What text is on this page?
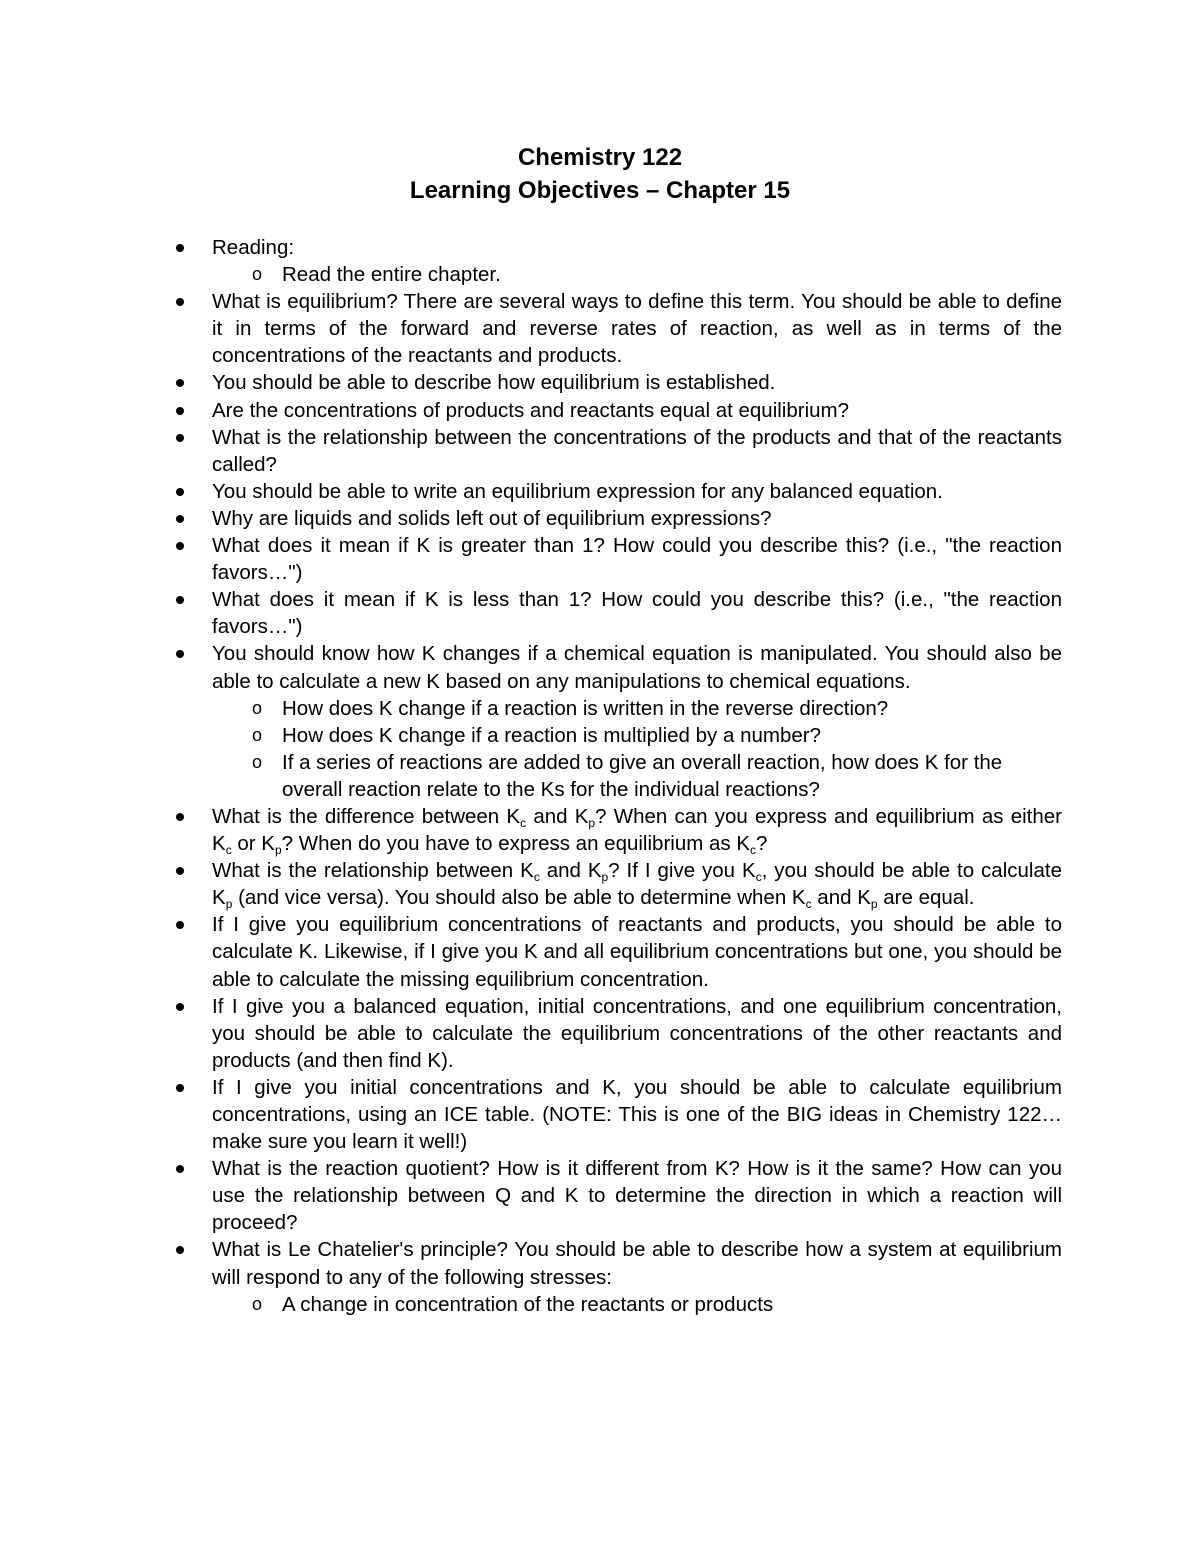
Chemistry 122
Learning Objectives – Chapter 15
Reading:
o Read the entire chapter.
What is equilibrium? There are several ways to define this term. You should be able to define it in terms of the forward and reverse rates of reaction, as well as in terms of the concentrations of the reactants and products.
You should be able to describe how equilibrium is established.
Are the concentrations of products and reactants equal at equilibrium?
What is the relationship between the concentrations of the products and that of the reactants called?
You should be able to write an equilibrium expression for any balanced equation.
Why are liquids and solids left out of equilibrium expressions?
What does it mean if K is greater than 1? How could you describe this? (i.e., "the reaction favors…")
What does it mean if K is less than 1? How could you describe this? (i.e., "the reaction favors…")
You should know how K changes if a chemical equation is manipulated. You should also be able to calculate a new K based on any manipulations to chemical equations.
o How does K change if a reaction is written in the reverse direction?
o How does K change if a reaction is multiplied by a number?
o If a series of reactions are added to give an overall reaction, how does K for the overall reaction relate to the Ks for the individual reactions?
What is the difference between $K_c$ and $K_p$? When can you express and equilibrium as either $K_c$ or $K_p$? When do you have to express an equilibrium as $K_c$?
What is the relationship between $K_c$ and $K_p$? If I give you $K_c$, you should be able to calculate $K_p$ (and vice versa). You should also be able to determine when $K_c$ and $K_p$ are equal.
If I give you equilibrium concentrations of reactants and products, you should be able to calculate K. Likewise, if I give you K and all equilibrium concentrations but one, you should be able to calculate the missing equilibrium concentration.
If I give you a balanced equation, initial concentrations, and one equilibrium concentration, you should be able to calculate the equilibrium concentrations of the other reactants and products (and then find K).
If I give you initial concentrations and K, you should be able to calculate equilibrium concentrations, using an ICE table. (NOTE: This is one of the BIG ideas in Chemistry 122…make sure you learn it well!)
What is the reaction quotient? How is it different from K? How is it the same? How can you use the relationship between Q and K to determine the direction in which a reaction will proceed?
What is Le Chatelier's principle? You should be able to describe how a system at equilibrium will respond to any of the following stresses:
o A change in concentration of the reactants or products
